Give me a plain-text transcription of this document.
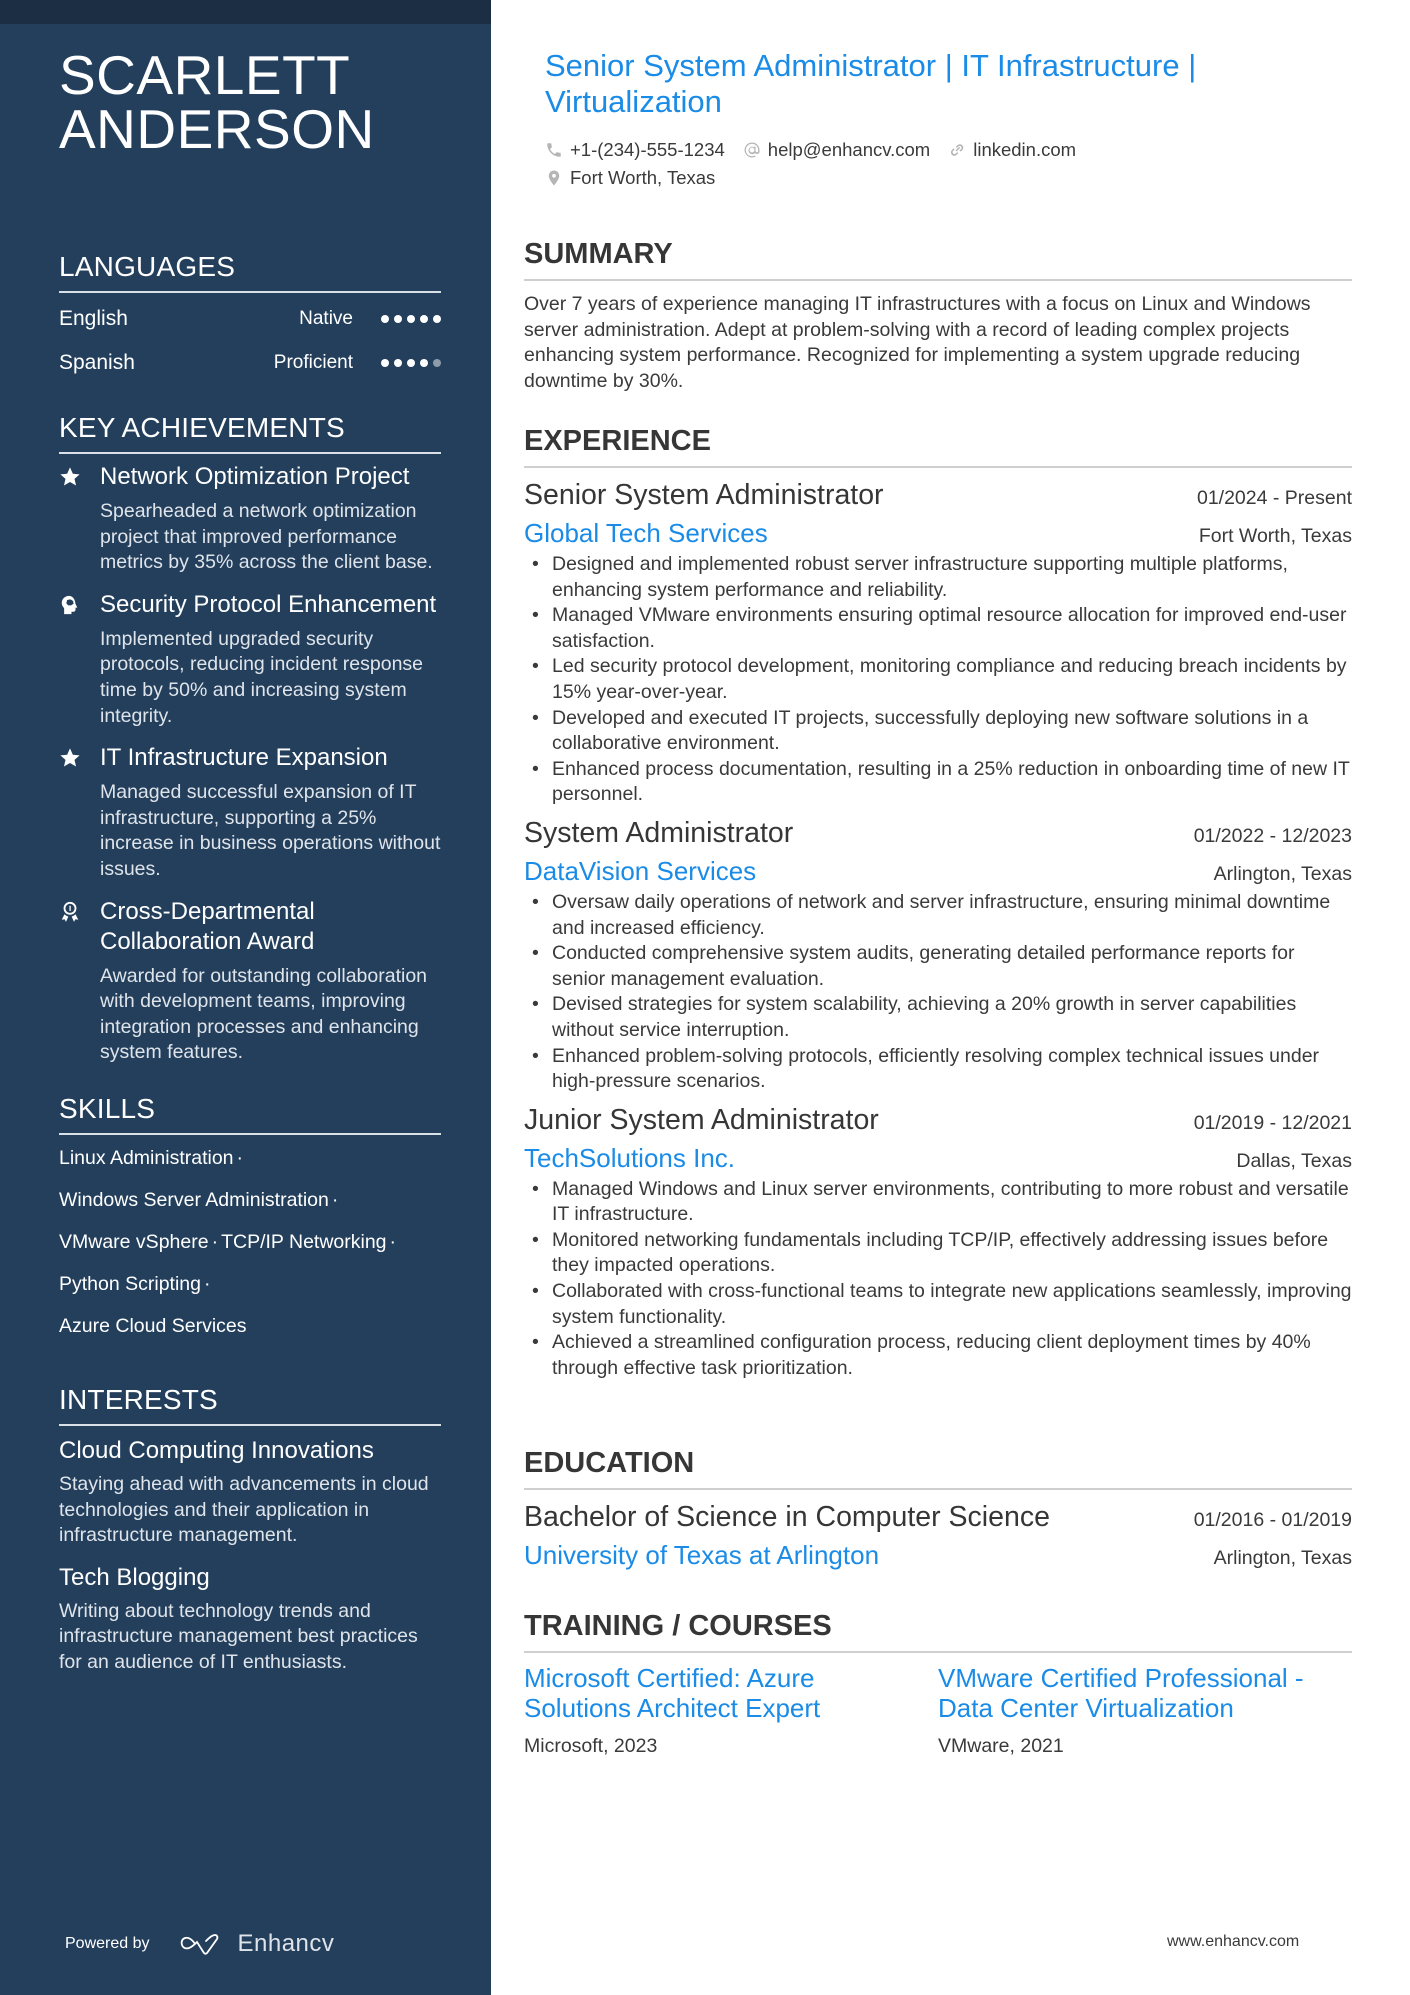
SCARLETT ANDERSON
LANGUAGES
English	Native
Spanish	Proficient
KEY ACHIEVEMENTS
Network Optimization Project
Spearheaded a network optimization project that improved performance metrics by 35% across the client base.
Security Protocol Enhancement
Implemented upgraded security protocols, reducing incident response time by 50% and increasing system integrity.
IT Infrastructure Expansion
Managed successful expansion of IT infrastructure, supporting a 25% increase in business operations without issues.
Cross-Departmental Collaboration Award
Awarded for outstanding collaboration with development teams, improving integration processes and enhancing system features.
SKILLS
Linux Administration ·
Windows Server Administration ·
VMware vSphere · TCP/IP Networking ·
Python Scripting ·
Azure Cloud Services
INTERESTS
Cloud Computing Innovations
Staying ahead with advancements in cloud technologies and their application in infrastructure management.
Tech Blogging
Writing about technology trends and infrastructure management best practices for an audience of IT enthusiasts.
Powered by	Enhancv
Senior System Administrator | IT Infrastructure | Virtualization
+1-(234)-555-1234 help@enhancv.com linkedin.com
Fort Worth, Texas
SUMMARY

Over 7 years of experience managing IT infrastructures with a focus on Linux and Windows server administration. Adept at problem-solving with a record of leading complex projects enhancing system performance. Recognized for implementing a system upgrade reducing downtime by 30%.

EXPERIENCE
Senior System Administrator	01/2024 - Present
Global Tech Services	Fort Worth, Texas
• Designed and implemented robust server infrastructure supporting multiple platforms, enhancing system performance and reliability.
• Managed VMware environments ensuring optimal resource allocation for improved end-user satisfaction.
• Led security protocol development, monitoring compliance and reducing breach incidents by 15% year-over-year.
• Developed and executed IT projects, successfully deploying new software solutions in a collaborative environment.
• Enhanced process documentation, resulting in a 25% reduction in onboarding time of new IT personnel.
System Administrator	01/2022 - 12/2023
DataVision Services	Arlington, Texas
• Oversaw daily operations of network and server infrastructure, ensuring minimal downtime and increased efficiency.
• Conducted comprehensive system audits, generating detailed performance reports for senior management evaluation.
• Devised strategies for system scalability, achieving a 20% growth in server capabilities without service interruption.
• Enhanced problem-solving protocols, efficiently resolving complex technical issues under high-pressure scenarios.
Junior System Administrator	01/2019 - 12/2021
TechSolutions Inc.	Dallas, Texas
• Managed Windows and Linux server environments, contributing to more robust and versatile IT infrastructure.
• Monitored networking fundamentals including TCP/IP, effectively addressing issues before they impacted operations.
• Collaborated with cross-functional teams to integrate new applications seamlessly, improving system functionality.
• Achieved a streamlined configuration process, reducing client deployment times by 40% through effective task prioritization.
EDUCATION
Bachelor of Science in Computer Science	01/2016 - 01/2019
University of Texas at Arlington	Arlington, Texas
TRAINING / COURSES
Microsoft Certified: Azure Solutions Architect Expert
Microsoft, 2023
VMware Certified Professional - Data Center Virtualization
VMware, 2021
www.enhancv.com
